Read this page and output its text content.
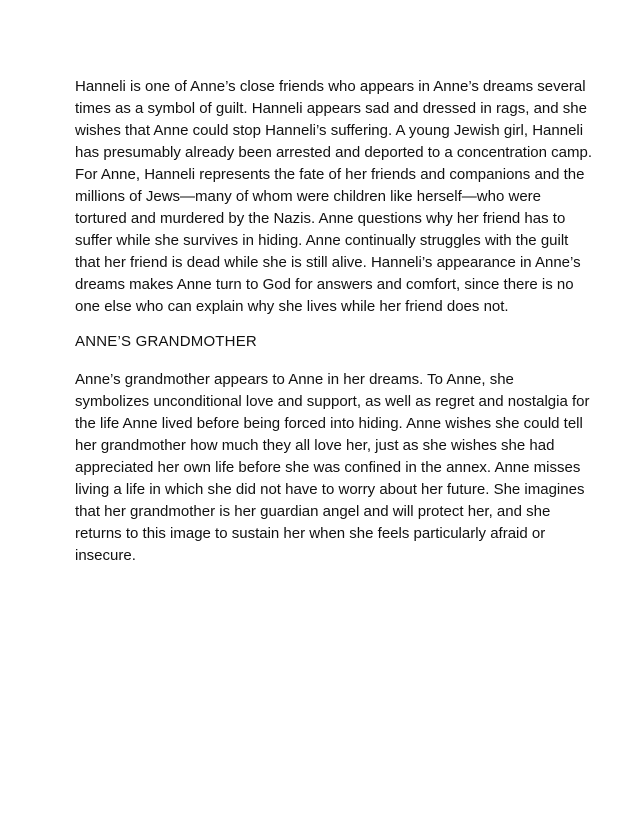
Hanneli is one of Anne’s close friends who appears in Anne’s dreams several

times as a symbol of guilt. Hanneli appears sad and dressed in rags, and she

wishes that Anne could stop Hanneli’s suffering. A young Jewish girl, Hanneli

has presumably already been arrested and deported to a concentration camp.

For Anne, Hanneli represents the fate of her friends and companions and the

millions of Jews—many of whom were children like herself—who were

tortured and murdered by the Nazis. Anne questions why her friend has to

suffer while she survives in hiding. Anne continually struggles with the guilt

that her friend is dead while she is still alive. Hanneli’s appearance in Anne’s

dreams makes Anne turn to God for answers and comfort, since there is no

one else who can explain why she lives while her friend does not.

ANNE’S GRANDMOTHER

Anne’s grandmother appears to Anne in her dreams. To Anne, she

symbolizes unconditional love and support, as well as regret and nostalgia for

the life Anne lived before being forced into hiding. Anne wishes she could tell

her grandmother how much they all love her, just as she wishes she had

appreciated her own life before she was confined in the annex. Anne misses

living a life in which she did not have to worry about her future. She imagines

that her grandmother is her guardian angel and will protect her, and she

returns to this image to sustain her when she feels particularly afraid or

insecure.
